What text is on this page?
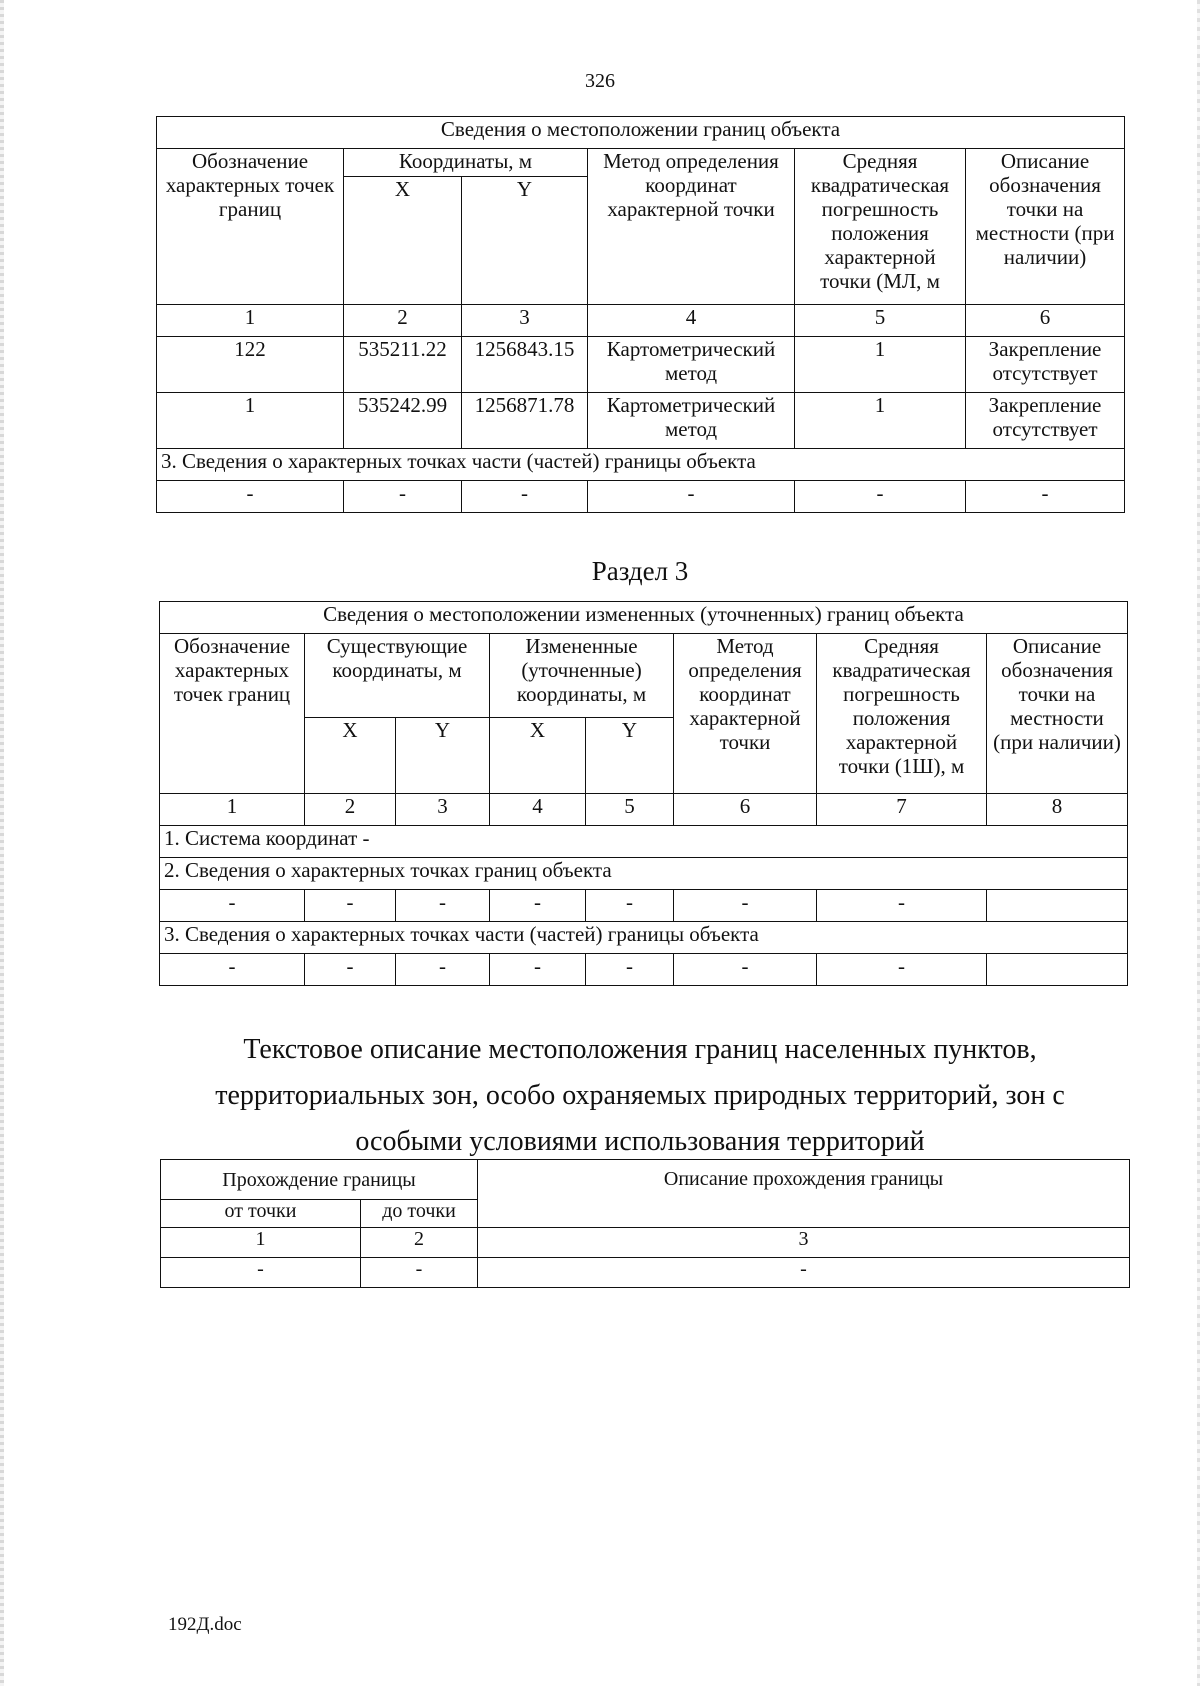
326
Сведения о местоположении границ объекта					
Обозначение характерных точек границ	Координаты, м		Метод определения координат характерной точки	Средняя квадратическая погрешность положения характерной точки (МЛ, м	Описание обозначения точки на местности (при наличии)
	X	Y			
1	2	3	4	5	6
122	535211.22	1256843.15	Картометрический метод	1	Закрепление отсутствует
1	535242.99	1256871.78	Картометрический метод	1	Закрепление отсутствует
3. Сведения о характерных точках части (частей) границы объекта					
-	-	-	-	-	-
Раздел 3
Сведения о местоположении измененных (уточненных) границ объекта							
Обозначение характерных точек границ	Существующие координаты, м		Измененные (уточненные) координаты, м		Метод определения координат характерной точки	Средняя квадратическая погрешность положения характерной точки (1Ш), м	Описание обозначения точки на местности (при наличии)
	X	Y	X	Y			
1	2	3	4	5	6	7	8
1. Система координат -							
2. Сведения о характерных точках границ объекта							
-	-	-	-	-	-	-	
3. Сведения о характерных точках части (частей) границы объекта							
-	-	-	-	-	-	-	
Текстовое описание местоположения границ населенных пунктов,
территориальных зон, особо охраняемых природных территорий, зон с
особыми условиями использования территорий
Прохождение границы		Описание прохождения границы
от точки	до точки	
1	2	3
-	-	-
192Д.doc
